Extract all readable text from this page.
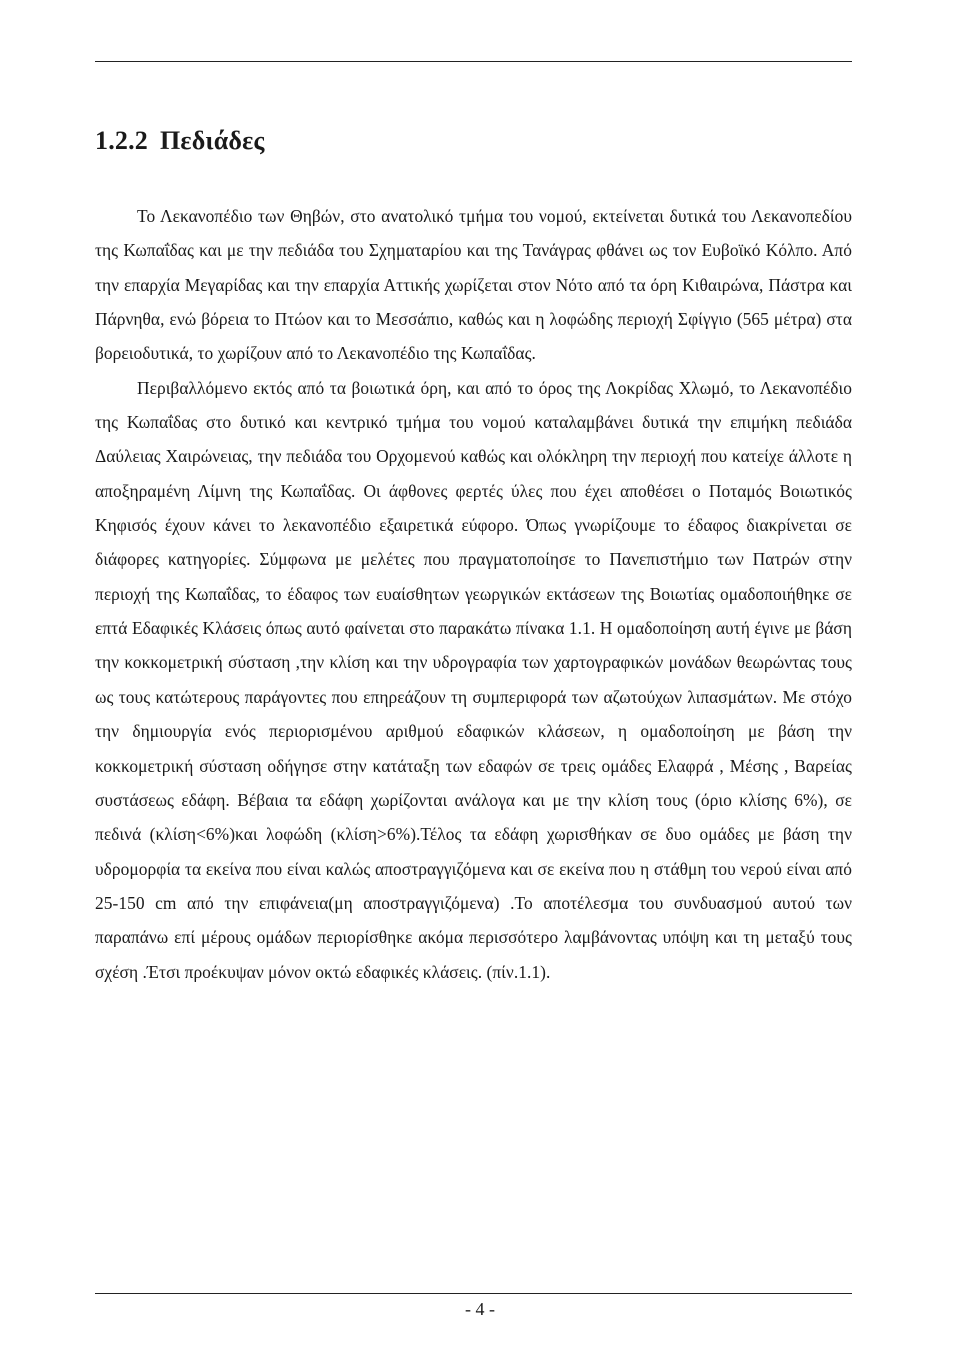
1.2.2 Πεδιάδες

Το Λεκανοπέδιο των Θηβών, στο ανατολικό τμήμα του νομού, εκτείνεται δυτικά του Λεκανοπεδίου της Κωπαΐδας και με την πεδιάδα του Σχηματαρίου και της Τανάγρας φθάνει ως τον Ευβοϊκό Κόλπο. Από την επαρχία Μεγαρίδας και την επαρχία Αττικής χωρίζεται στον Νότο από τα όρη Κιθαιρώνα, Πάστρα και Πάρνηθα, ενώ βόρεια το Πτώον και το Μεσσάπιο, καθώς και η λοφώδης περιοχή Σφίγγιο (565 μέτρα) στα βορειοδυτικά, το χωρίζουν από το Λεκανοπέδιο της Κωπαΐδας.

Περιβαλλόμενο εκτός από τα βοιωτικά όρη, και από το όρος της Λοκρίδας Χλωμό, το Λεκανοπέδιο της Κωπαΐδας στο δυτικό και κεντρικό τμήμα του νομού καταλαμβάνει δυτικά την επιμήκη πεδιάδα Δαύλειας Χαιρώνειας, την πεδιάδα του Ορχομενού καθώς και ολόκληρη την περιοχή που κατείχε άλλοτε η αποξηραμένη Λίμνη της Κωπαΐδας. Οι άφθονες φερτές ύλες που έχει αποθέσει ο Ποταμός Βοιωτικός Κηφισός έχουν κάνει το λεκανοπέδιο εξαιρετικά εύφορο. Όπως γνωρίζουμε το έδαφος διακρίνεται σε διάφορες κατηγορίες. Σύμφωνα με μελέτες που πραγματοποίησε το Πανεπιστήμιο των Πατρών στην περιοχή της Κωπαΐδας, το έδαφος των ευαίσθητων γεωργικών εκτάσεων της Βοιωτίας ομαδοποιήθηκε σε επτά Εδαφικές Κλάσεις όπως αυτό φαίνεται στο παρακάτω πίνακα 1.1. Η ομαδοποίηση αυτή έγινε με βάση την κοκκομετρική σύσταση ,την κλίση και την υδρογραφία των χαρτογραφικών μονάδων θεωρώντας τους ως τους κατώτερους παράγοντες που επηρεάζουν τη συμπεριφορά των αζωτούχων λιπασμάτων. Με στόχο την δημιουργία ενός περιορισμένου αριθμού εδαφικών κλάσεων, η ομαδοποίηση με βάση την κοκκομετρική σύσταση οδήγησε στην κατάταξη των εδαφών σε τρεις ομάδες Ελαφρά , Μέσης , Βαρείας συστάσεως εδάφη. Βέβαια τα εδάφη χωρίζονται ανάλογα και με την κλίση τους (όριο κλίσης 6%), σε πεδινά (κλίση<6%)και λοφώδη (κλίση>6%).Τέλος τα εδάφη χωρισθήκαν σε δυο ομάδες με βάση την υδρομορφία τα εκείνα που είναι καλώς αποστραγγιζόμενα και σε εκείνα που η στάθμη του νερού είναι από 25-150 cm από την επιφάνεια(μη αποστραγγιζόμενα) .Το αποτέλεσμα του συνδυασμού αυτού των παραπάνω επί μέρους ομάδων περιορίσθηκε ακόμα περισσότερο λαμβάνοντας υπόψη και τη μεταξύ τους σχέση .Έτσι προέκυψαν μόνον οκτώ εδαφικές κλάσεις. (πίν.1.1).

- 4 -
